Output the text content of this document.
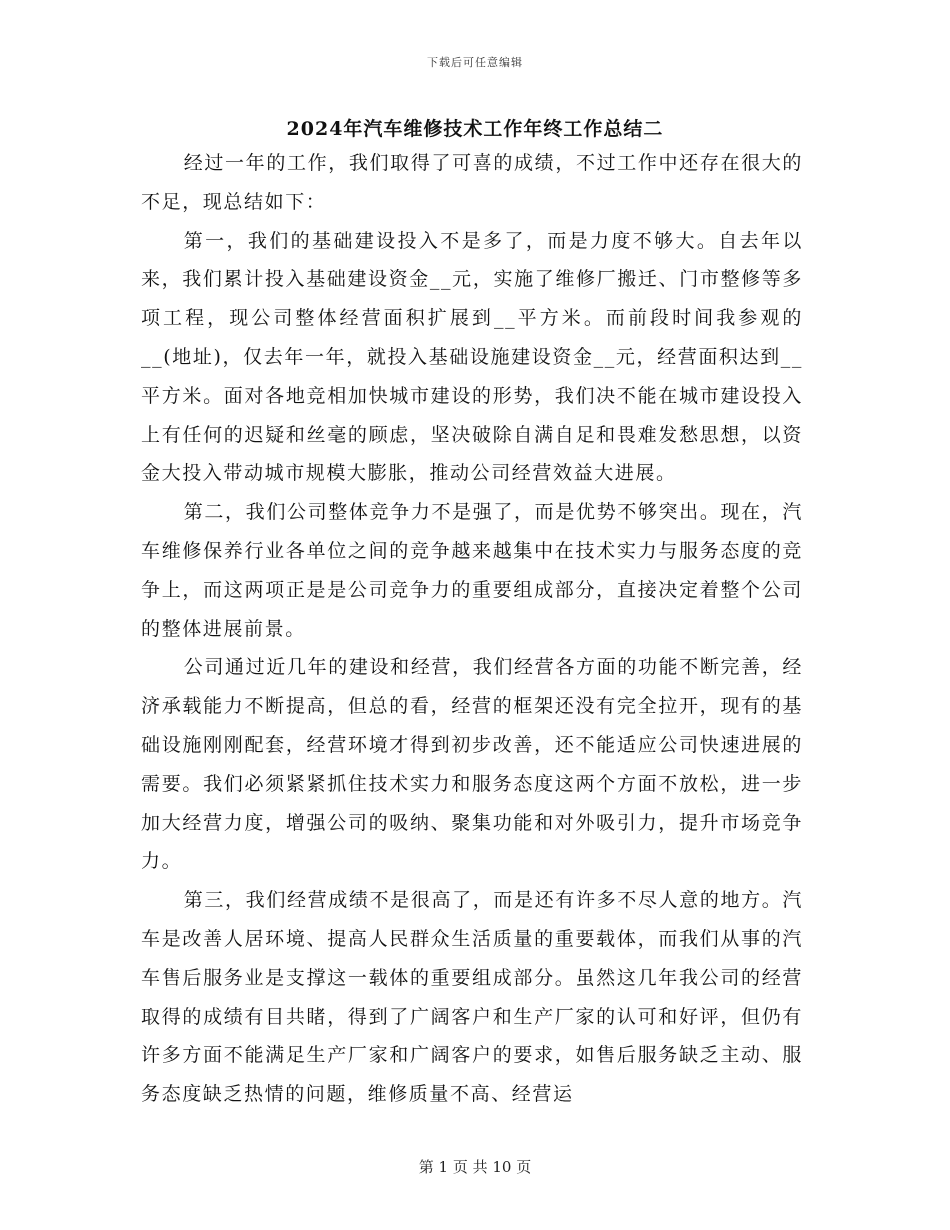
下载后可任意编辑
2024年汽车维修技术工作年终工作总结二

经过一年的工作，我们取得了可喜的成绩，不过工作中还存在很大的不足，现总结如下：

第一，我们的基础建设投入不是多了，而是力度不够大。自去年以来，我们累计投入基础建设资金__元，实施了维修厂搬迁、门市整修等多项工程，现公司整体经营面积扩展到__平方米。而前段时间我参观的__(地址)，仅去年一年，就投入基础设施建设资金__元，经营面积达到__平方米。面对各地竞相加快城市建设的形势，我们决不能在城市建设投入上有任何的迟疑和丝毫的顾虑，坚决破除自满自足和畏难发愁思想，以资金大投入带动城市规模大膨胀，推动公司经营效益大进展。

第二，我们公司整体竞争力不是强了，而是优势不够突出。现在，汽车维修保养行业各单位之间的竞争越来越集中在技术实力与服务态度的竞争上，而这两项正是是公司竞争力的重要组成部分，直接决定着整个公司的整体进展前景。

公司通过近几年的建设和经营，我们经营各方面的功能不断完善，经济承载能力不断提高，但总的看，经营的框架还没有完全拉开，现有的基础设施刚刚配套，经营环境才得到初步改善，还不能适应公司快速进展的需要。我们必须紧紧抓住技术实力和服务态度这两个方面不放松，进一步加大经营力度，增强公司的吸纳、聚集功能和对外吸引力，提升市场竞争力。

第三，我们经营成绩不是很高了，而是还有许多不尽人意的地方。汽车是改善人居环境、提高人民群众生活质量的重要载体，而我们从事的汽车售后服务业是支撑这一载体的重要组成部分。虽然这几年我公司的经营取得的成绩有目共睹，得到了广阔客户和生产厂家的认可和好评，但仍有许多方面不能满足生产厂家和广阔客户的要求，如售后服务缺乏主动、服务态度缺乏热情的问题，维修质量不高、经营运

第 1 页 共 10 页
